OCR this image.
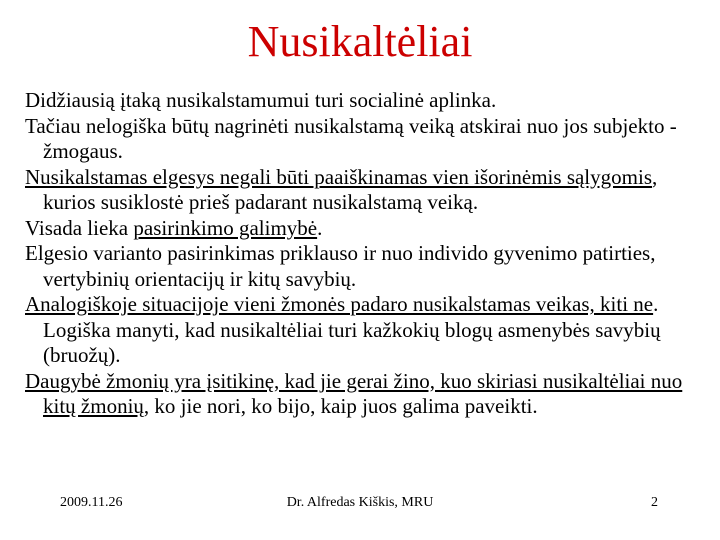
Nusikaltėliai

Didžiausią įtaką nusikalstamumui turi socialinė aplinka.

Tačiau nelogiška būtų nagrinėti nusikalstamą veiką atskirai nuo jos subjekto - žmogaus.

Nusikalstamas elgesys negali būti paaiškinamas vien išorinėmis sąlygomis, kurios susiklostė prieš padarant nusikalstamą veiką.

Visada lieka pasirinkimo galimybė.

Elgesio varianto pasirinkimas priklauso ir nuo individo gyvenimo patirties, vertybinių orientacijų ir kitų savybių.

Analogiškoje situacijoje vieni žmonės padaro nusikalstamas veikas, kiti ne. Logiška manyti, kad nusikaltėliai turi kažkokių blogų asmenybės savybių (bruožų).

Daugybė žmonių yra įsitikinę, kad jie gerai žino, kuo skiriasi nusikaltėliai nuo kitų žmonių, ko jie nori, ko bijo, kaip juos galima paveikti.

2009.11.26	Dr. Alfredas Kiškis, MRU	2
